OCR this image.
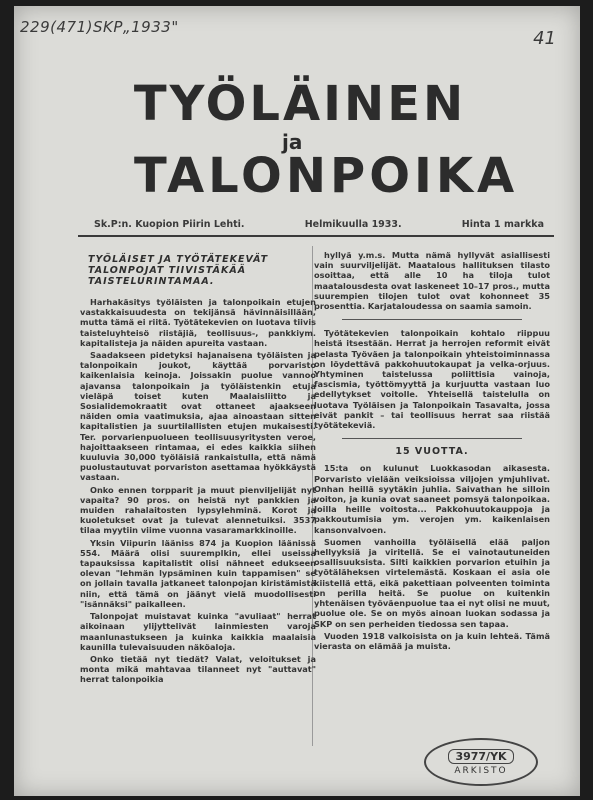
229(471)SKP„1933"
41
TYÖLÄINEN
ja
TALONPOIKA
Sk.P:n. Kuopion Piirin Lehti.	Helmikuulla 1933.	Hinta 1 markka
TYÖLÄISET JA TYÖTÄTEKEVÄT TALONPOJAT TIIVISTÄKÄÄ TAISTELURINTAMAA.

Harhakäsitys työläisten ja talonpoikain etujen vastakkaisuudesta on tekijänsä hävinnäisillään, mutta tämä ei riitä. Työtätekevien on luotava tiivis taisteluyhteisö riistäjiä, teollisuus-, pankkiym. kapitalisteja ja näiden apureita vastaan.

Saadakseen pidetyksi hajanaisena työläisten ja talonpoikain joukot, käyttää porvaristo kaikenlaisia keinoja. Joissakin puolue vannoo ajavansa talonpoikain ja työläistenkin etuja vieläpä toiset kuten Maalaisliitto ja Sosialidemokraatit ovat ottaneet ajaakseen näiden omia vaatimuksia, ajaa ainoastaan sitten kapitalistien ja suurtilallisten etujen mukaisesti. Ter. porvarienpuolueen teollisuusyritysten veroe, hajoittaakseen rintamaa, ei edes kaikkia siihen kuuluvia 30,000 työläisiä rankaistulla, että nämä puolustautuvat porvariston asettamaa hyökkäystä vastaan.

Onko ennen torpparit ja muut pienviljelijät nyt vapaita? 90 pros. on heistä nyt pankkien ja muiden rahalaitosten lypsylehminä. Korot ja kuoletukset ovat ja tulevat alennetuiksi. 3537 tilaa myytiin viime vuonna vasaramarkkinoille.

Yksin Viipurin lääniss 874 ja Kuopion läänissä 554. Määrä olisi suuremplkin, ellei useissa tapauksissa kapitalistit olisi nähneet edukseen olevan "lehmän lypsäminen kuin tappamisen" se on jollain tavalla jatkaneet talonpojan kiristämistä niin, että tämä on jäänyt vielä muodollisesti "isännäksi" paikalleen.

Talonpojat muistavat kuinka "avuliaat" herrat aikoinaan ylijyttelivät lainmiesten varoja maanlunastukseen ja kuinka kaikkia maalaisia kaunilla tulevaisuuden näköaloja.

Onko tietää nyt tiedät? Valat, veloitukset ja monta mikä mahtavaa tilanneet nyt "auttavat" herrat talonpoikia

hyllyä y.m.s. Mutta nämä hyllyvät asiallisesti vain suurviljelijät. Maatalous hallituksen tilasto osoittaa, että alle 10 ha tiloja tulot maatalousdesta ovat laskeneet 10–17 pros., mutta suurempien tilojen tulot ovat kohonneet 35 prosenttia. Karjataloudessa on saamia samoin.

Työtätekevien talonpoikain kohtalo riippuu heistä itsestään. Herrat ja herrojen reformit eivät pelasta Työväen ja talonpoikain yhteistoiminnassa on löydettävä pakkohuutokaupat ja velka-orjuus. Yhtyminen taistelussa poliittisia vainoja, fascismia, työttömyyttä ja kurjuutta vastaan luo edellytykset voitolle. Yhteisellä taistelulla on luotava Työläisen ja Talonpoikain Tasavalta, jossa eivät pankit – tai teollisuus herrat saa riistää työtätekeviä.

15 VUOTTA.

15:ta on kulunut Luokkasodan aikasesta. Porvaristo vielään veiksioissa viljojen ymjuhlivat. Onhan heillä syytäkin juhlia. Saivathan he silloin voiton, ja kunia ovat saaneet pomsyä talonpoikaa. Joilla heille voitosta... Pakkohuutokauppoja ja pakkoutumisia ym. verojen ym. kaikenlaisen kansonvalvoen.

Suomen vanhoilla työläisellä elää paljon hellyyksiä ja viritellä. Se ei vainotautuneiden osallisuuksista. Silti kaikkien porvarion etuihin ja työtäläheksen virtelemästä. Koskaan ei asia ole kiistellä että, eikä pakettiaan polveenten toiminta on perilla heitä. Se puolue on kuitenkin yhtenäisen työväenpuolue taa ei nyt olisi ne muut, puolue ole. Se on myös ainoan luokan sodassa ja SKP on sen perheiden tiedossa sen tapaa.

Vuoden 1918 valkoisista on ja kuin lehteä. Tämä vierasta on elämää ja muista.

3977/YK
ARKISTO
